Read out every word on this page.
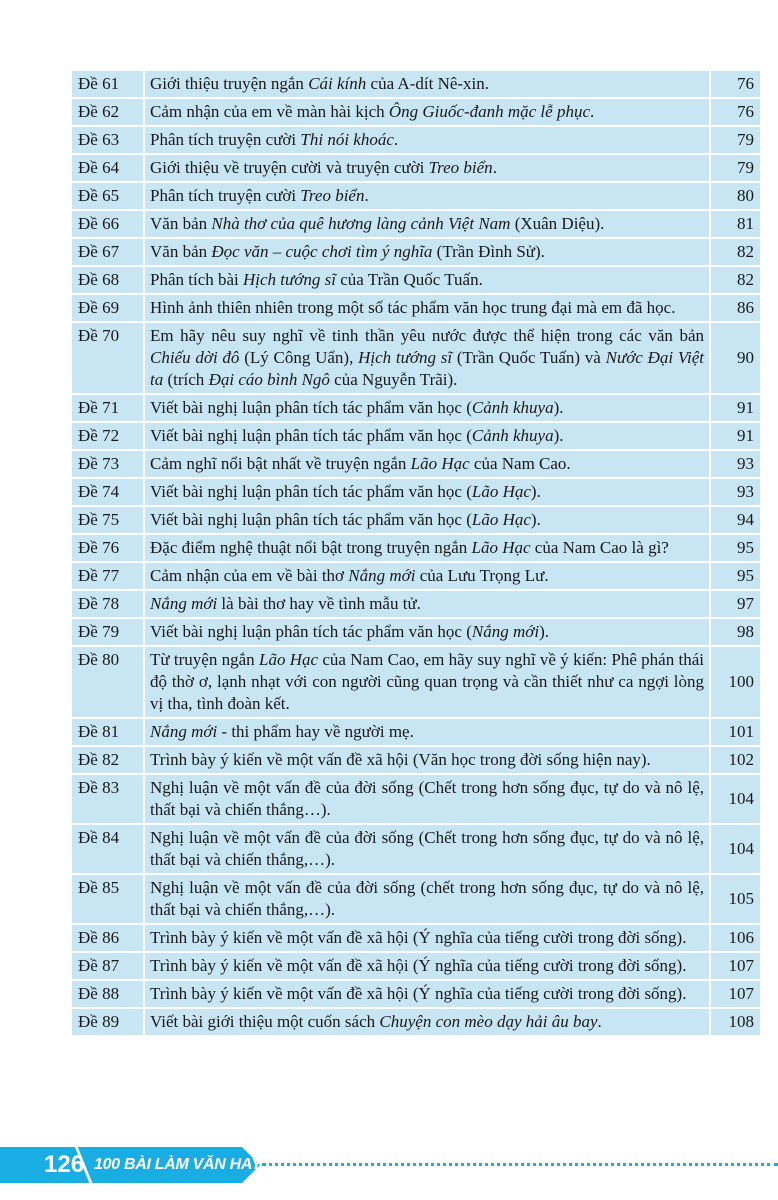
Đề 61	Giới thiệu truyện ngắn Cái kính của A-dít Nê-xin.	76
Đề 62	Cảm nhận của em về màn hài kịch Ông Giuốc-đanh mặc lễ phục.	76
Đề 63	Phân tích truyện cười Thi nói khoác.	79
Đề 64	Giới thiệu về truyện cười và truyện cười Treo biển.	79
Đề 65	Phân tích truyện cười Treo biển.	80
Đề 66	Văn bản Nhà thơ của quê hương làng cảnh Việt Nam (Xuân Diệu).	81
Đề 67	Văn bản Đọc văn – cuộc chơi tìm ý nghĩa (Trần Đình Sử).	82
Đề 68	Phân tích bài Hịch tướng sĩ của Trần Quốc Tuấn.	82
Đề 69	Hình ảnh thiên nhiên trong một số tác phẩm văn học trung đại mà em đã học.	86
Đề 70	Em hãy nêu suy nghĩ về tinh thần yêu nước được thể hiện trong các văn bản Chiếu dời đô (Lý Công Uẩn), Hịch tướng sĩ (Trần Quốc Tuấn) và Nước Đại Việt ta (trích Đại cáo bình Ngô của Nguyễn Trãi).	90
Đề 71	Viết bài nghị luận phân tích tác phẩm văn học (Cảnh khuya).	91
Đề 72	Viết bài nghị luận phân tích tác phẩm văn học (Cảnh khuya).	91
Đề 73	Cảm nghĩ nổi bật nhất về truyện ngắn Lão Hạc của Nam Cao.	93
Đề 74	Viết bài nghị luận phân tích tác phẩm văn học (Lão Hạc).	93
Đề 75	Viết bài nghị luận phân tích tác phẩm văn học (Lão Hạc).	94
Đề 76	Đặc điểm nghệ thuật nổi bật trong truyện ngắn Lão Hạc của Nam Cao là gì?	95
Đề 77	Cảm nhận của em về bài thơ Nắng mới của Lưu Trọng Lư.	95
Đề 78	Nắng mới là bài thơ hay về tình mẫu tử.	97
Đề 79	Viết bài nghị luận phân tích tác phẩm văn học (Nắng mới).	98
Đề 80	Từ truyện ngắn Lão Hạc của Nam Cao, em hãy suy nghĩ về ý kiến: Phê phán thái độ thờ ơ, lạnh nhạt với con người cũng quan trọng và cần thiết như ca ngợi lòng vị tha, tình đoàn kết.	100
Đề 81	Nắng mới - thi phẩm hay về người mẹ.	101
Đề 82	Trình bày ý kiến về một vấn đề xã hội (Văn học trong đời sống hiện nay).	102
Đề 83	Nghị luận về một vấn đề của đời sống (Chết trong hơn sống đục, tự do và nô lệ, thất bại và chiến thắng…).	104
Đề 84	Nghị luận về một vấn đề của đời sống (Chết trong hơn sống đục, tự do và nô lệ, thất bại và chiến thắng,…).	104
Đề 85	Nghị luận về một vấn đề của đời sống (chết trong hơn sống đục, tự do và nô lệ, thất bại và chiến thắng,…).	105
Đề 86	Trình bày ý kiến về một vấn đề xã hội (Ý nghĩa của tiếng cười trong đời sống).	106
Đề 87	Trình bày ý kiến về một vấn đề xã hội (Ý nghĩa của tiếng cười trong đời sống).	107
Đề 88	Trình bày ý kiến về một vấn đề xã hội (Ý nghĩa của tiếng cười trong đời sống).	107
Đề 89	Viết bài giới thiệu một cuốn sách Chuyện con mèo dạy hải âu bay.	108
126 100 BÀI LÀM VĂN HAY LỚP 8
